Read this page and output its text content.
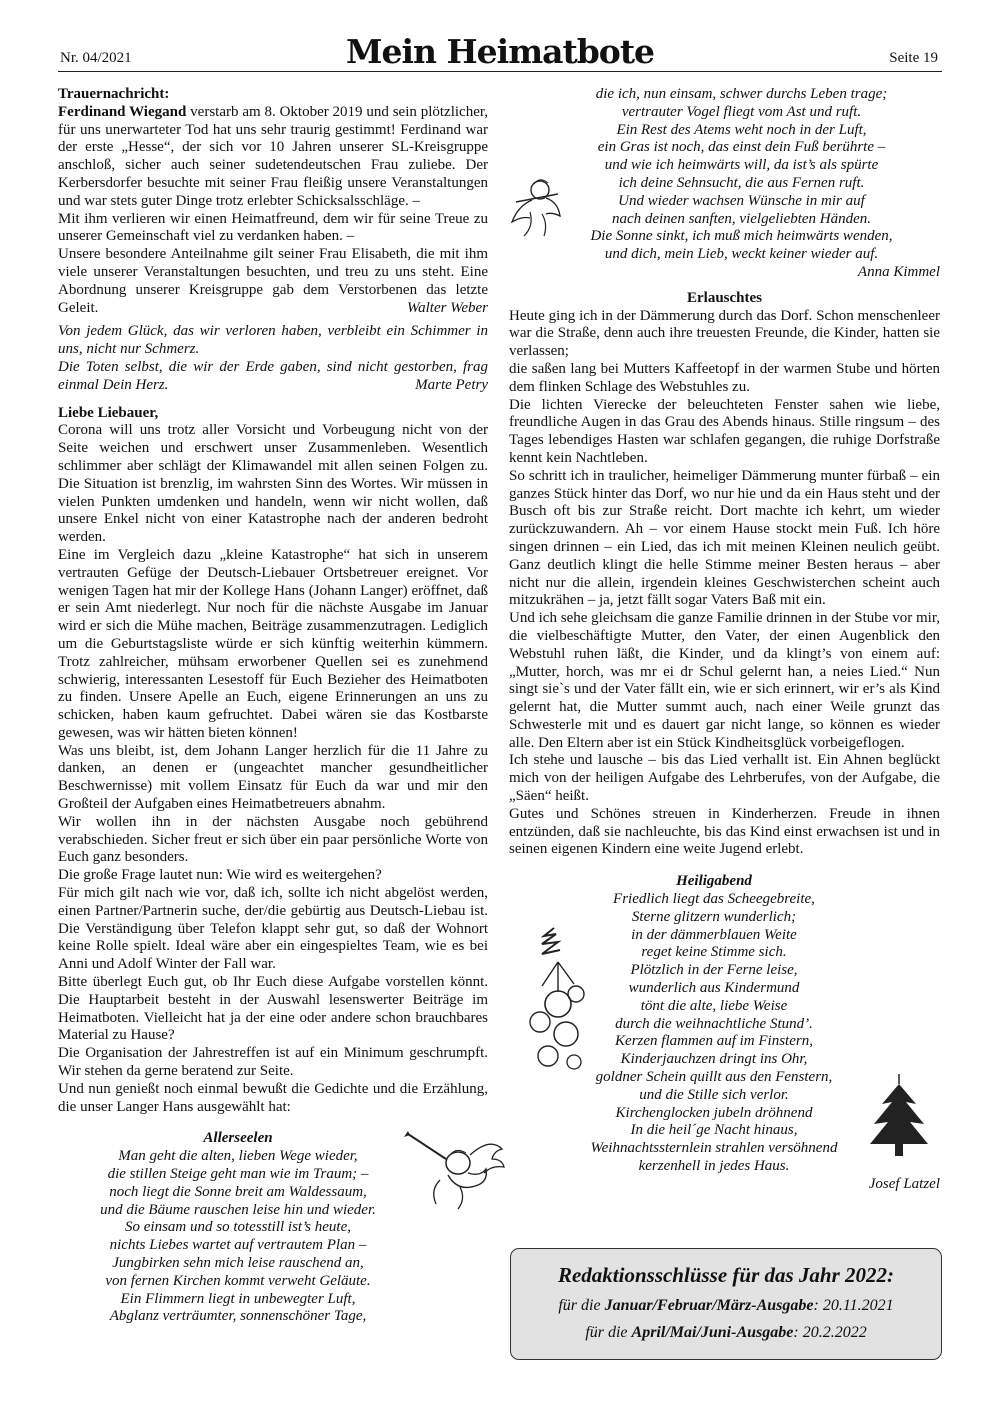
Nr. 04/2021	Mein Heimatbote	Seite 19

Trauernachricht:

Ferdinand Wiegand verstarb am 8. Oktober 2019 und sein plötzlicher, für uns unerwarteter Tod hat uns sehr traurig gestimmt! Ferdinand war der erste „Hesse“, der sich vor 10 Jahren unserer SL-Kreisgruppe anschloß, sicher auch seiner sudetendeutschen Frau zuliebe. Der Kerbersdorfer besuchte mit seiner Frau fleißig unsere Veranstaltungen und war stets guter Dinge trotz erlebter Schicksalsschläge. –

Mit ihm verlieren wir einen Heimatfreund, dem wir für seine Treue zu unserer Gemeinschaft viel zu verdanken haben. –

Unsere besondere Anteilnahme gilt seiner Frau Elisabeth, die mit ihm viele unserer Veranstaltungen besuchten, und treu zu uns steht. Eine Abordnung unserer Kreisgruppe gab dem Verstorbenen das letzte Geleit.	Walter Weber

Von jedem Glück, das wir verloren haben, verbleibt ein Schimmer in uns, nicht nur Schmerz.

Die Toten selbst, die wir der Erde gaben, sind nicht gestorben, frag einmal Dein Herz.	Marte Petry

Liebe Liebauer,

Corona will uns trotz aller Vorsicht und Vorbeugung nicht von der Seite weichen und erschwert unser Zusammenleben. Wesentlich schlimmer aber schlägt der Klimawandel mit allen seinen Folgen zu. Die Situation ist brenzlig, im wahrsten Sinn des Wortes. Wir müssen in vielen Punkten umdenken und handeln, wenn wir nicht wollen, daß unsere Enkel nicht von einer Katastrophe nach der anderen bedroht werden.

Eine im Vergleich dazu „kleine Katastrophe“ hat sich in unserem vertrauten Gefüge der Deutsch-Liebauer Ortsbetreuer ereignet. Vor wenigen Tagen hat mir der Kollege Hans (Johann Langer) eröffnet, daß er sein Amt niederlegt. Nur noch für die nächste Ausgabe im Januar wird er sich die Mühe machen, Beiträge zusammenzutragen. Lediglich um die Geburtstagsliste würde er sich künftig weiterhin kümmern. Trotz zahlreicher, mühsam erworbener Quellen sei es zunehmend schwierig, interessanten Lesestoff für Euch Bezieher des Heimatboten zu finden. Unsere Apelle an Euch, eigene Erinnerungen an uns zu schicken, haben kaum gefruchtet. Dabei wären sie das Kostbarste gewesen, was wir hätten bieten können!

Was uns bleibt, ist, dem Johann Langer herzlich für die 11 Jahre zu danken, an denen er (ungeachtet mancher gesundheitlicher Beschwernisse) mit vollem Einsatz für Euch da war und mir den Großteil der Aufgaben eines Heimatbetreuers abnahm.

Wir wollen ihn in der nächsten Ausgabe noch gebührend verabschieden. Sicher freut er sich über ein paar persönliche Worte von Euch ganz besonders.

Die große Frage lautet nun: Wie wird es weitergehen?

Für mich gilt nach wie vor, daß ich, sollte ich nicht abgelöst werden, einen Partner/Partnerin suche, der/die gebürtig aus Deutsch-Liebau ist. Die Verständigung über Telefon klappt sehr gut, so daß der Wohnort keine Rolle spielt. Ideal wäre aber ein eingespieltes Team, wie es bei Anni und Adolf Winter der Fall war.

Bitte überlegt Euch gut, ob Ihr Euch diese Aufgabe vorstellen könnt. Die Hauptarbeit besteht in der Auswahl lesenswerter Beiträge im Heimatboten. Vielleicht hat ja der eine oder andere schon brauchbares Material zu Hause?

Die Organisation der Jahrestreffen ist auf ein Minimum geschrumpft. Wir stehen da gerne beratend zur Seite.

Und nun genießt noch einmal bewußt die Gedichte und die Erzählung, die unser Langer Hans ausgewählt hat:

Allerseelen

Man geht die alten, lieben Wege wieder,

die stillen Steige geht man wie im Traum; –

noch liegt die Sonne breit am Waldessaum,

und die Bäume rauschen leise hin und wieder.

So einsam und so totesstill ist’s heute,

nichts Liebes wartet auf vertrautem Plan –

Jungbirken sehn mich leise rauschend an,

von fernen Kirchen kommt verweht Geläute.

Ein Flimmern liegt in unbewegter Luft,

Abglanz verträumter, sonnenschöner Tage,

die ich, nun einsam, schwer durchs Leben trage;

vertrauter Vogel fliegt vom Ast und ruft.

Ein Rest des Atems weht noch in der Luft,

ein Gras ist noch, das einst dein Fuß berührte –

und wie ich heimwärts will, da ist’s als spürte

ich deine Sehnsucht, die aus Fernen ruft.

Und wieder wachsen Wünsche in mir auf

nach deinen sanften, vielgeliebten Händen.

Die Sonne sinkt, ich muß mich heimwärts wenden,

und dich, mein Lieb, weckt keiner wieder auf.

Anna Kimmel

Erlauschtes

Heute ging ich in der Dämmerung durch das Dorf. Schon menschenleer war die Straße, denn auch ihre treuesten Freunde, die Kinder, hatten sie verlassen;

die saßen lang bei Mutters Kaffeetopf in der warmen Stube und hörten dem flinken Schlage des Webstuhles zu.

Die lichten Vierecke der beleuchteten Fenster sahen wie liebe, freundliche Augen in das Grau des Abends hinaus. Stille ringsum – des Tages lebendiges Hasten war schlafen gegangen, die ruhige Dorfstraße kennt kein Nachtleben.

So schritt ich in traulicher, heimeliger Dämmerung munter fürbaß – ein ganzes Stück hinter das Dorf, wo nur hie und da ein Haus steht und der Busch oft bis zur Straße reicht. Dort machte ich kehrt, um wieder zurückzuwandern. Ah – vor einem Hause stockt mein Fuß. Ich höre singen drinnen – ein Lied, das ich mit meinen Kleinen neulich geübt. Ganz deutlich klingt die helle Stimme meiner Besten heraus – aber nicht nur die allein, irgendein kleines Geschwisterchen scheint auch mitzukrähen – ja, jetzt fällt sogar Vaters Baß mit ein.

Und ich sehe gleichsam die ganze Familie drinnen in der Stube vor mir, die vielbeschäftigte Mutter, den Vater, der einen Augenblick den Webstuhl ruhen läßt, die Kinder, und da klingt’s von einem auf: „Mutter, horch, was mr ei dr Schul gelernt han, a neies Lied.“ Nun singt sie`s und der Vater fällt ein, wie er sich erinnert, wir er’s als Kind gelernt hat, die Mutter summt auch, nach einer Weile grunzt das Schwesterle mit und es dauert gar nicht lange, so können es wieder alle. Den Eltern aber ist ein Stück Kindheitsglück vorbeigeflogen.

Ich stehe und lausche – bis das Lied verhallt ist. Ein Ahnen beglückt mich von der heiligen Aufgabe des Lehrberufes, von der Aufgabe, die „Säen“ heißt.

Gutes und Schönes streuen in Kinderherzen. Freude in ihnen entzünden, daß sie nachleuchte, bis das Kind einst erwachsen ist und in seinen eigenen Kindern eine weite Jugend erlebt.

Heiligabend

Friedlich liegt das Scheegebreite,

Sterne glitzern wunderlich;

in der dämmerblauen Weite

reget keine Stimme sich.

Plötzlich in der Ferne leise,

wunderlich aus Kindermund

tönt die alte, liebe Weise

durch die weihnachtliche Stund’.

Kerzen flammen auf im Finstern,

Kinderjauchzen dringt ins Ohr,

goldner Schein quillt aus den Fenstern,

und die Stille sich verlor.

Kirchenglocken jubeln dröhnend

In die heil´ge Nacht hinaus,

Weihnachtssternlein strahlen versöhnend

kerzenhell in jedes Haus.

Josef Latzel

Redaktionsschlüsse für das Jahr 2022:
für die Januar/Februar/März-Ausgabe: 20.11.2021
für die April/Mai/Juni-Ausgabe: 20.2.2022
